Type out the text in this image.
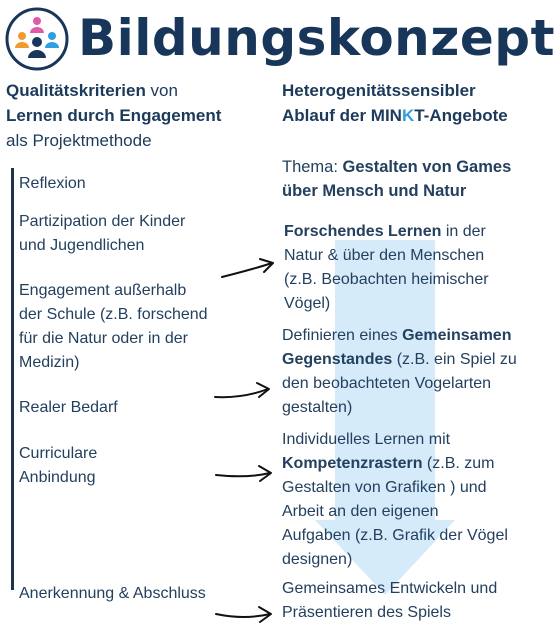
Bildungskonzept
Qualitätskriterien von
Lernen durch Engagement
als Projektmethode
Heterogenitätssensibler
Ablauf der MINKT-Angebote
Reflexion
Partizipation der Kinder
und Jugendlichen
Engagement außerhalb
der Schule (z.B. forschend
für die Natur oder in der
Medizin)
Realer Bedarf
Curriculare
Anbindung
Anerkennung & Abschluss
Thema: Gestalten von Games
über Mensch und Natur
Forschendes Lernen in der
Natur & über den Menschen
(z.B. Beobachten heimischer
Vögel)
Definieren eines Gemeinsamen
Gegenstandes (z.B. ein Spiel zu
den beobachteten Vogelarten
gestalten)
Individuelles Lernen mit
Kompetenzrastern (z.B. zum
Gestalten von Grafiken ) und
Arbeit an den eigenen
Aufgaben (z.B. Grafik der Vögel
designen)
Gemeinsames Entwickeln und
Präsentieren des Spiels
